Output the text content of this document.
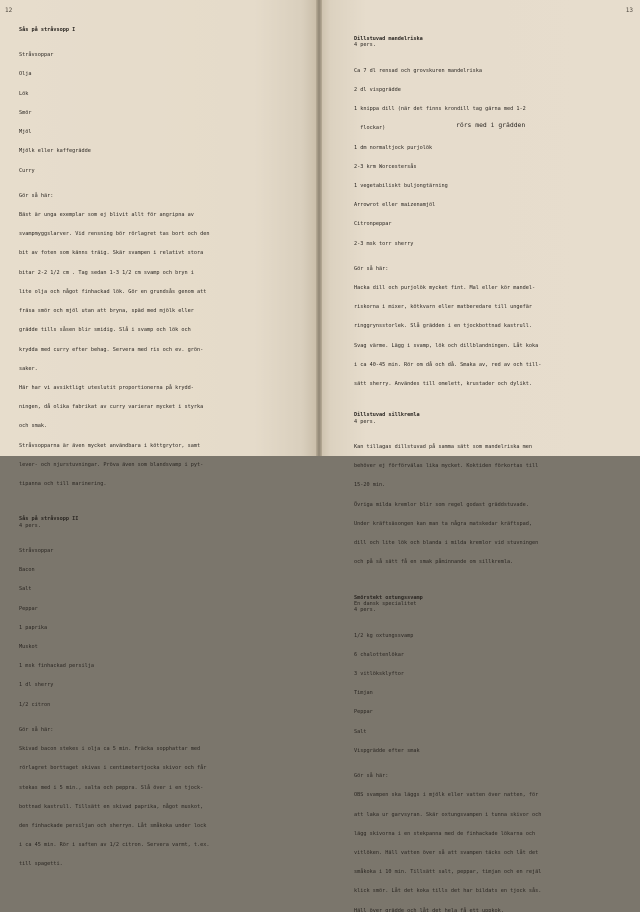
12

Sås på stråvsopp I

Stråvsoppar

Olja

Lök

Smör

Mjöl

Mjölk eller kaffegrädde

Curry

Gör så här:

Bäst är unga exemplar som ej blivit allt för angripna av

svampmyggslarver. Vid rensning bör rörlagret tas bort och den

bit av foten som känns träig. Skär svampen i relativt stora

bitar 2-2 1/2 cm . Tag sedan 1-3 1/2 cm svamp och bryn i

lite olja och något finhackad lök. Gör en grundsås genom att

fräsa smör och mjöl utan att bryna, späd med mjölk eller

grädde tills såsen blir smidig. Slå i svamp och lök och

krydda med curry efter behag. Servera med ris och ev. grön-

saker.

Här har vi avsiktligt uteslutit proportionerna på krydd-

ningen, då olika fabrikat av curry varierar mycket i styrka

och smak.

Stråvsopparna är även mycket användbara i köttgrytor, samt

lever- och njurstuvningar. Pröva även som blandsvamp i pyt-

tipanna och till marinering.

Sås på stråvsopp II

4 pers.

Stråvsoppar

Bacon

Salt

Peppar

1 paprika

Muskot

1 msk finhackad persilja

1 dl sherry

1/2 citron

Gör så här:

Skivad bacon stekes i olja ca 5 min. Fräcka sopphattar med

rörlagret borttaget skivas i centimetertjocka skivor och får

stekas med i 5 min., salta och peppra. Slå över i en tjock-

bottnad kastrull. Tillsätt en skivad paprika, något muskot,

den finhackade persiljan och sherryn. Låt småkoka under lock

i ca 45 min. Rör i saften av 1/2 citron. Servera varmt, t.ex.

till spagetti.

13

Dillstuvad mandelriska

4 pers.

Ca 7 dl rensad och grovskuren mandelriska

2 dl vispgrädde

1 knippa dill (när det finns krondill tag gärna med 1-2

flockar)

1 dm normaltjock purjolök

2-3 krm Worcestersås

1 vegetabiliskt buljongtärning

Arrowrot eller maizenamjöl

Citronpeppar

2-3 msk torr sherry

rörs med i grädden

Gör så här:

Hacka dill och purjolök mycket fint. Mal eller kör mandel-

riskorna i mixer, kötkvarn eller matberedare till ungefär

ringgrynsstorlek. Slå grädden i en tjockbottnad kastrull.

Svag värme. Lägg i svamp, lök och dillblandningen. Låt koka

i ca 40-45 min. Rör om då och då. Smaka av, red av och till-

sätt sherry. Användes till omelett, krustader och dylikt.

Dillstuvad sillkremla

4 pers.

Kan tillagas dillstuvad på samma sätt som mandelriska men

behöver ej förförvälas lika mycket. Koktiden förkortas till

15-20 min.

Övriga milda kremlor blir som regel godast gräddstuvade.

Under kräftsäsongen kan man ta några matskedar kräftspad,

dill och lite lök och blanda i milda kremlor vid stuvningen

och på så sätt få en smak påminnande om sillkremla.

Smörstekt oxtungssvamp

En dansk specialitet

4 pers.

1/2 kg oxtungssvamp

6 chalottenlökar

3 vitlöksklyftor

Timjan

Peppar

Salt

Vispgrädde efter smak

Gör så här:

OBS svampen ska läggs i mjölk eller vatten över natten, för

att laka ur garvsyran. Skär oxtungsvampen i tunna skivor och

lägg skivorna i en stekpanna med de finhackade lökarna och

vitlöken. Häll vatten över så att svampen täcks och låt det

småkoka i 10 min. Tillsätt salt, peppar, timjan och en rejäl

klick smör. Låt det koka tills det har bildats en tjock sås.

Häll över grädde och låt det hela få ett uppkok.
